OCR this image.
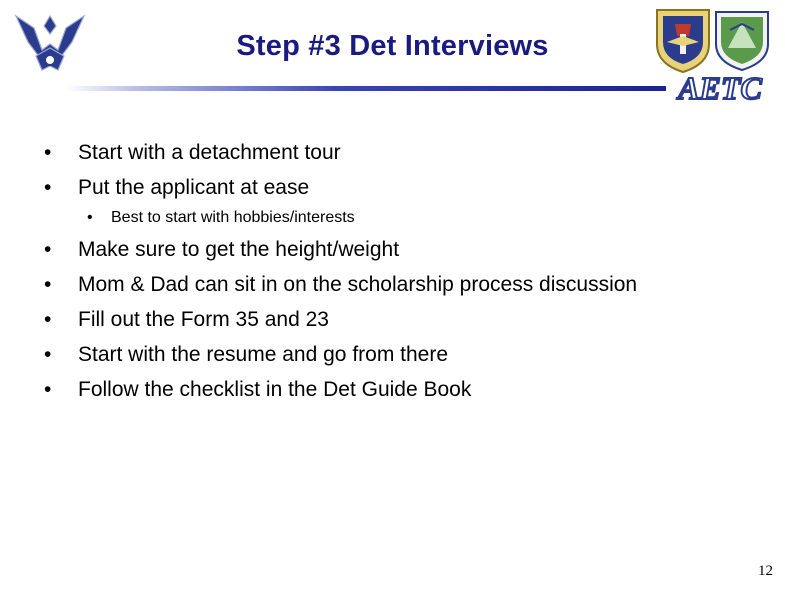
Step #3 Det Interviews
AETC
• Start with a detachment tour
• Put the applicant at ease
• Best to start with hobbies/interests
• Make sure to get the height/weight
• Mom & Dad can sit in on the scholarship process discussion
• Fill out the Form 35 and 23
• Start with the resume and go from there
• Follow the checklist in the Det Guide Book
12
